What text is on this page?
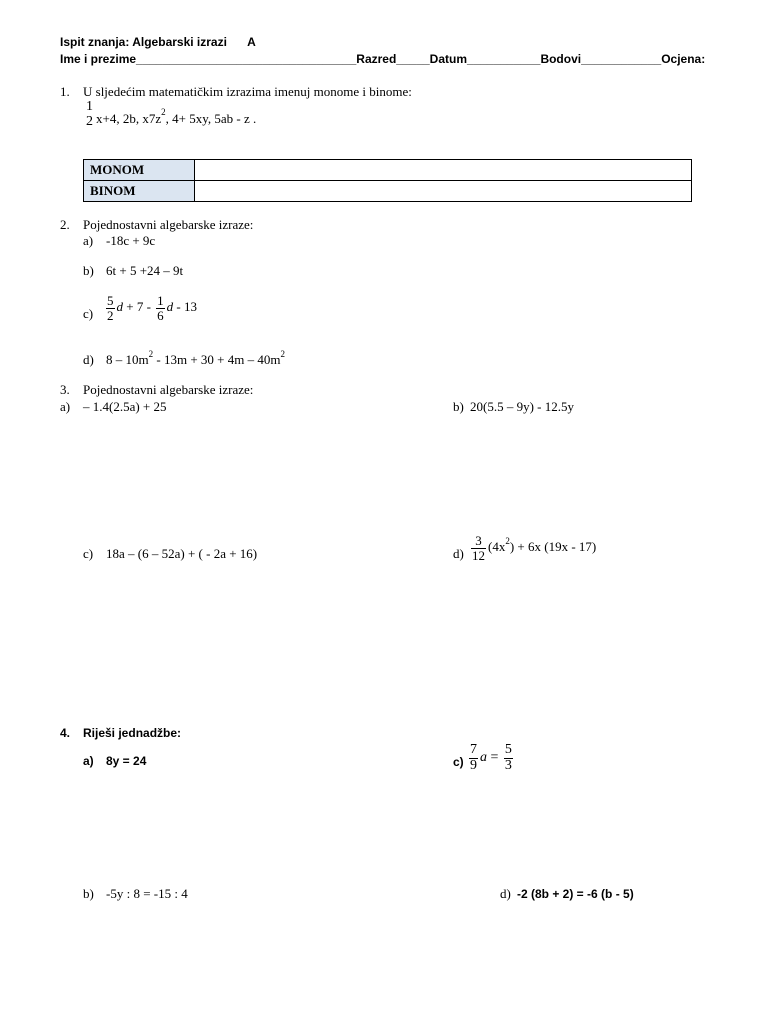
Ispit znanja: Algebarski izrazi A
Ime i prezime_________________________________Razred_____Datum___________Bodovi____________Ocjena:
1. U sljedećim matematičkim izrazima imenuj monome i binome:
1
2 x+4, 2b, x7z2, 4+ 5xy, 5ab - z .
MONOM	
BINOM	
2. Pojednostavni algebarske izraze:
a) -18c + 9c
b) 6t + 5 +24 – 9t
$c) \frac{5}{2}$ $d + 7 - \frac{1}{6}$ d - 13
d) $8 - 10m^2 - 13m + 30 + 4m - 40m^2$
3. Pojednostavni algebarske izraze:
a) – 1.4(2.5a) + 25	b) 20(5.5 – 9y) - 12.5y
c) 18a – (6 – 52a) + ( - 2a + 16)	$d) \frac{3}{12} (4x^2) + 6x$ (19x - 17)
4. Riješi jednadžbe:
a) 8y = 24	$c) \frac{7}{9}$ $a = \frac{5}{3}$
b) -5y : 8 = -15 : 4	d) -2 (8b + 2) = -6 (b - 5)
